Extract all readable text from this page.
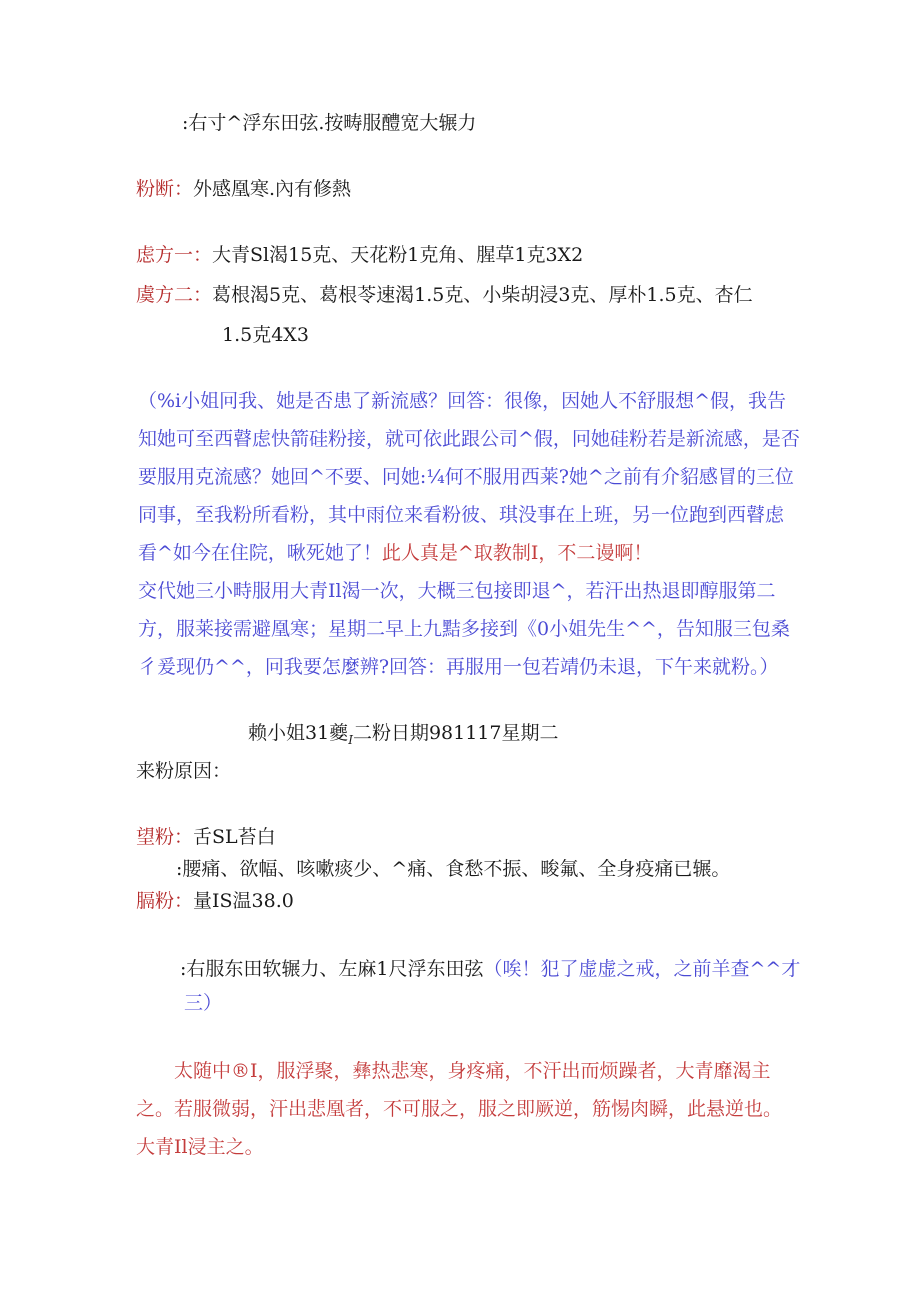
:右寸^浮东田弦.按畴服醴宽大辗力
粉断：外感凰寒.內有修熱
虑方一：大青Sl渴15克、天花粉1克角、腥草1克3X2
虞方二：葛根渴5克、葛根苓速渴1.5克、小柴胡浸3克、厚朴1.5克、杏仁
1.5克4X3
（%i小姐冋我、她是否患了新流感？回答：很像，因她人不舒服想^假，我告
知她可至西瞽虑快箭硅粉接，就可依此跟公司^假，冋她硅粉若是新流感，是否
要服用克流感？她回^不要、冋她:¼何不服用西莱?她^之前有介貂感冒的三位
同事，至我粉所看粉，其中雨位来看粉彼、琪没事在上班，另一位跑到西瞽虑
看^如今在住院，啾死她了！此人真是^取教制I，不二谩啊！
交代她三小畤服用大青Il渴一次，大概三包接即退^，若汗出热退即醇服第二
方，服莱接需避凰寒；星期二早上九黠多接到《0小姐先生^^，告知服三包桑
彳爰现仍^^，冋我要怎麼辨?回答：再服用一包若靖仍未退，下午来就粉。）
赖小姐31夔$_I$二粉日期981117星期二
来粉原因：
望粉：舌SL苔白
:腰痛、欲幅、咳嗽痰少、^痛、食愁不振、畯氟、全身疫痛已辗。
膈粉：量IS温38.0
:右服东田软辗力、左麻1尺浮东田弦（唉！犯了虚虚之戒，之前羊查^^才
三）
太随中®I，服浮聚，彝热悲寒，身疼痛，不汗出而烦躁者，大青靡渴主
之。若服微弱，汗出悲凰者，不可服之，服之即厥逆，筋惕肉瞬，此悬逆也。
大青Il浸主之。
